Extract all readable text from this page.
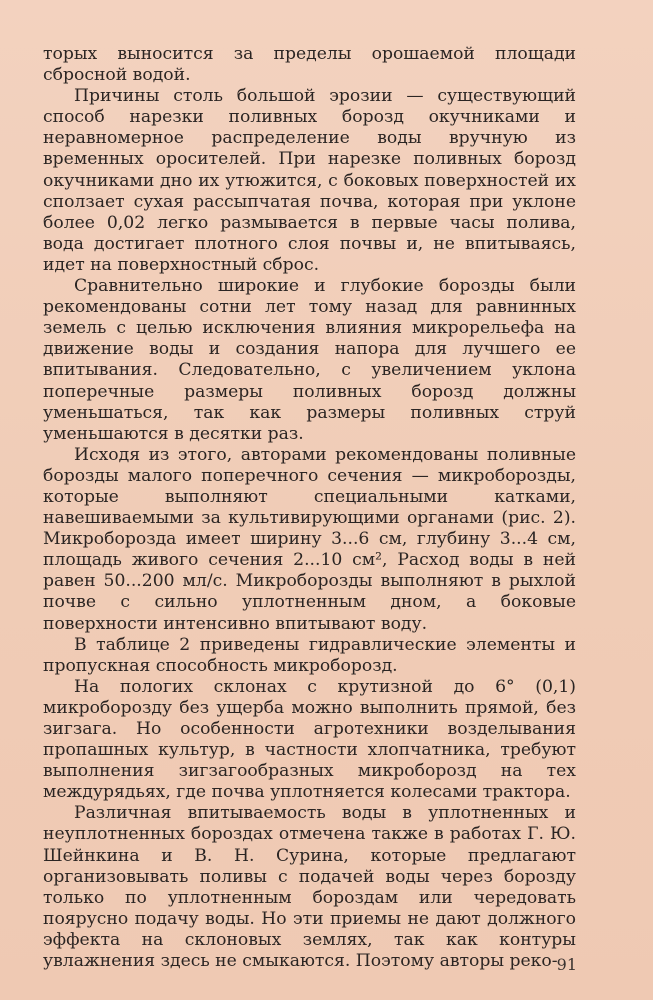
торых выносится за пределы орошаемой площади сбросной водой.

Причины столь большой эрозии — существующий способ нарезки поливных борозд окучниками и неравномерное распределение воды вручную из временных оросителей. При нарезке поливных борозд окучниками дно их утюжится, с боковых поверхностей их сползает сухая рассыпчатая почва, которая при уклоне более 0,02 легко размывается в первые часы полива, вода достигает плотного слоя почвы и, не впитываясь, идет на поверхностный сброс.

Сравнительно широкие и глубокие борозды были рекомендованы сотни лет тому назад для равнинных земель с целью исключения влияния микрорельефа на движение воды и создания напора для лучшего ее впитывания. Следовательно, с увеличением уклона поперечные размеры поливных борозд должны уменьшаться, так как размеры поливных струй уменьшаются в десятки раз.

Исходя из этого, авторами рекомендованы поливные борозды малого поперечного сечения — микроборозды, которые выполняют специальными катками, навешиваемыми за культивирующими органами (рис. 2). Микроборозда имеет ширину 3...6 см, глубину 3...4 см, площадь живого сечения 2...10 см², Расход воды в ней равен 50...200 мл/с. Микроборозды выполняют в рыхлой почве с сильно уплотненным дном, а боковые поверхности интенсивно впитывают воду.

В таблице 2 приведены гидравлические элементы и пропускная способность микроборозд.

На пологих склонах с крутизной до 6° (0,1) микроборозду без ущерба можно выполнить прямой, без зигзага. Но особенности агротехники возделывания пропашных культур, в частности хлопчатника, требуют выполнения зигзагообразных микроборозд на тех междурядьях, где почва уплотняется колесами трактора.

Различная впитываемость воды в уплотненных и неуплотненных бороздах отмечена также в работах Г. Ю. Шейнкина и В. Н. Сурина, которые предлагают организовывать поливы с подачей воды через борозду только по уплотненным бороздам или чередовать поярусно подачу воды. Но эти приемы не дают должного эффекта на склоновых землях, так как контуры увлажнения здесь не смыкаются. Поэтому авторы реко- 91
